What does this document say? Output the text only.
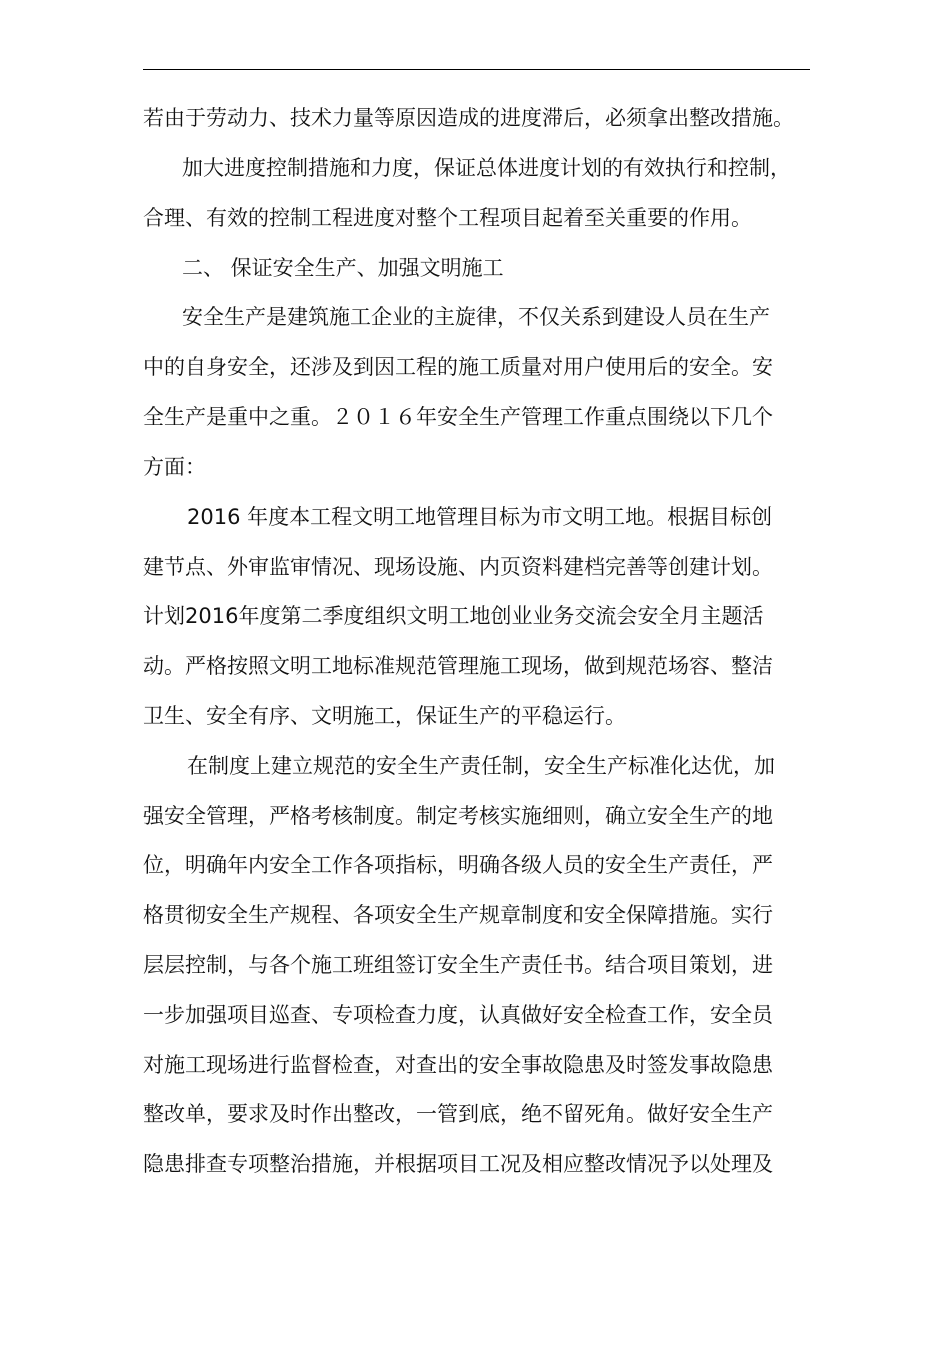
若由于劳动力、技术力量等原因造成的进度滞后，必须拿出整改措施。

加大进度控制措施和力度，保证总体进度计划的有效执行和控制，

合理、有效的控制工程进度对整个工程项目起着至关重要的作用。

二、 保证安全生产、加强文明施工

安全生产是建筑施工企业的主旋律，不仅关系到建设人员在生产

中的自身安全，还涉及到因工程的施工质量对用户使用后的安全。安

全生产是重中之重。２０１６年安全生产管理工作重点围绕以下几个

方面：

2016 年度本工程文明工地管理目标为市文明工地。根据目标创

建节点、外审监审情况、现场设施、内页资料建档完善等创建计划。

计划2016年度第二季度组织文明工地创业业务交流会安全月主题活

动。严格按照文明工地标准规范管理施工现场，做到规范场容、整洁

卫生、安全有序、文明施工，保证生产的平稳运行。

在制度上建立规范的安全生产责任制，安全生产标准化达优，加

强安全管理，严格考核制度。制定考核实施细则，确立安全生产的地

位，明确年内安全工作各项指标，明确各级人员的安全生产责任，严

格贯彻安全生产规程、各项安全生产规章制度和安全保障措施。实行

层层控制，与各个施工班组签订安全生产责任书。结合项目策划，进

一步加强项目巡查、专项检查力度，认真做好安全检查工作，安全员

对施工现场进行监督检查，对查出的安全事故隐患及时签发事故隐患

整改单，要求及时作出整改，一管到底，绝不留死角。做好安全生产

隐患排查专项整治措施，并根据项目工况及相应整改情况予以处理及
